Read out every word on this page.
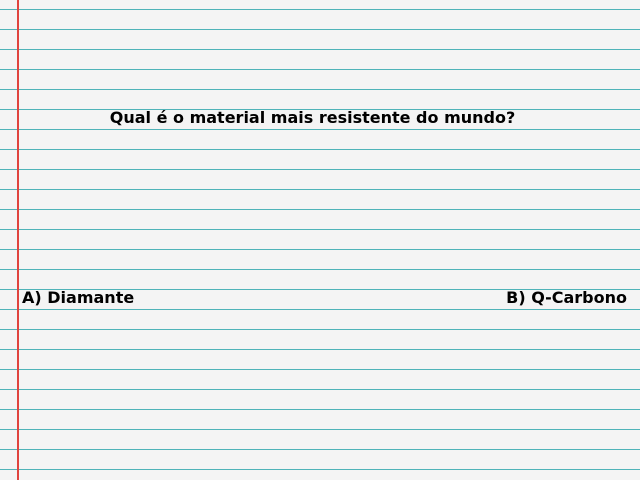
Qual é o material mais resistente do mundo?
A) Diamante	B) Q-Carbono
